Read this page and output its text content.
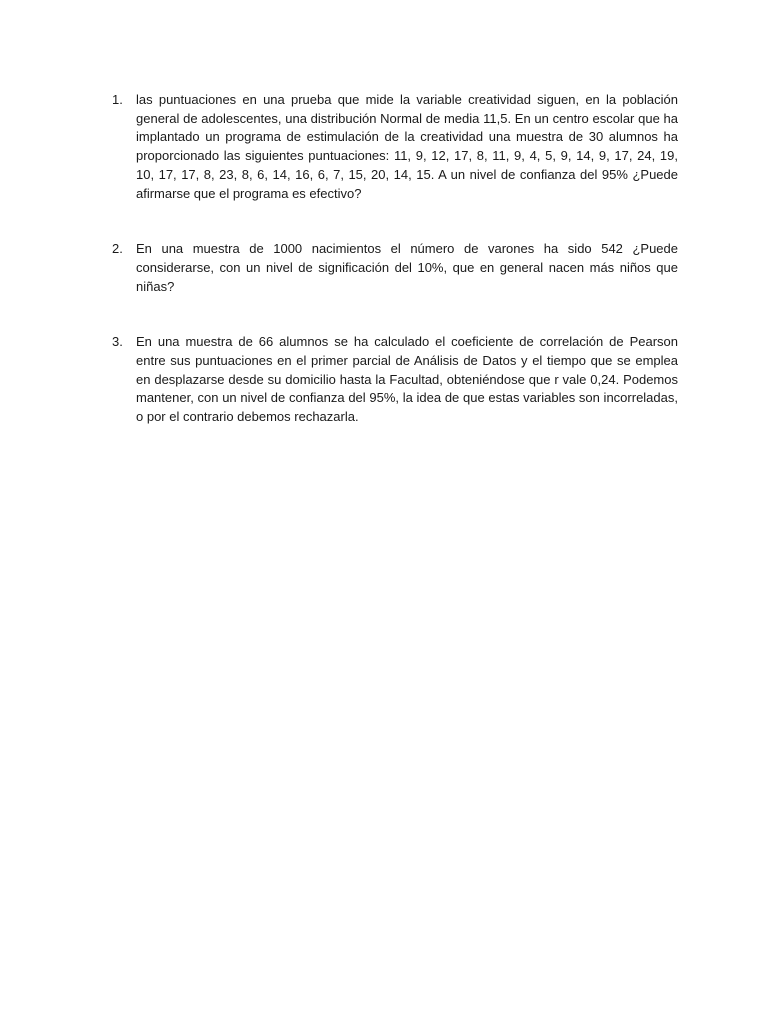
1.	las puntuaciones en una prueba que mide la variable creatividad siguen, en la población general de adolescentes, una distribución Normal de media 11,5. En un centro escolar que ha implantado un programa de estimulación de la creatividad una muestra de 30 alumnos ha proporcionado las siguientes puntuaciones: 11, 9, 12, 17, 8, 11, 9, 4, 5, 9, 14, 9, 17, 24, 19, 10, 17, 17, 8, 23, 8, 6, 14, 16, 6, 7, 15, 20, 14, 15. A un nivel de confianza del 95% ¿Puede afirmarse que el programa es efectivo?
2.	En una muestra de 1000 nacimientos el número de varones ha sido 542 ¿Puede considerarse, con un nivel de significación del 10%, que en general nacen más niños que niñas?
3.	En una muestra de 66 alumnos se ha calculado el coeficiente de correlación de Pearson entre sus puntuaciones en el primer parcial de Análisis de Datos y el tiempo que se emplea en desplazarse desde su domicilio hasta la Facultad, obteniéndose que r vale 0,24. Podemos mantener, con un nivel de confianza del 95%, la idea de que estas variables son incorreladas, o por el contrario debemos rechazarla.
